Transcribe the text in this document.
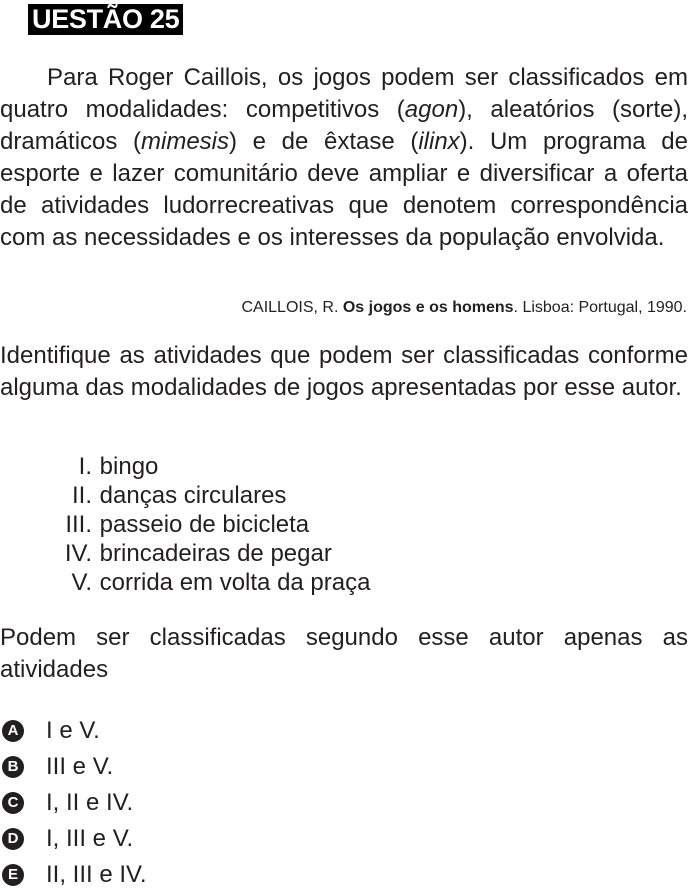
UESTÃO 25

Para Roger Caillois, os jogos podem ser classificados em quatro modalidades: competitivos (agon), aleatórios (sorte), dramáticos (mimesis) e de êxtase (ilinx). Um programa de esporte e lazer comunitário deve ampliar e diversificar a oferta de atividades ludorrecreativas que denotem correspondência com as necessidades e os interesses da população envolvida.

CAILLOIS, R. Os jogos e os homens. Lisboa: Portugal, 1990.

Identifique as atividades que podem ser classificadas conforme alguma das modalidades de jogos apresentadas por esse autor.

I.
bingo
II.
danças circulares
III.
passeio de bicicleta
IV.
brincadeiras de pegar
V.
corrida em volta da praça

Podem ser classificadas segundo esse autor apenas as atividades

A I e V.
B III e V.
C I, II e IV.
D I, III e V.
E II, III e IV.
